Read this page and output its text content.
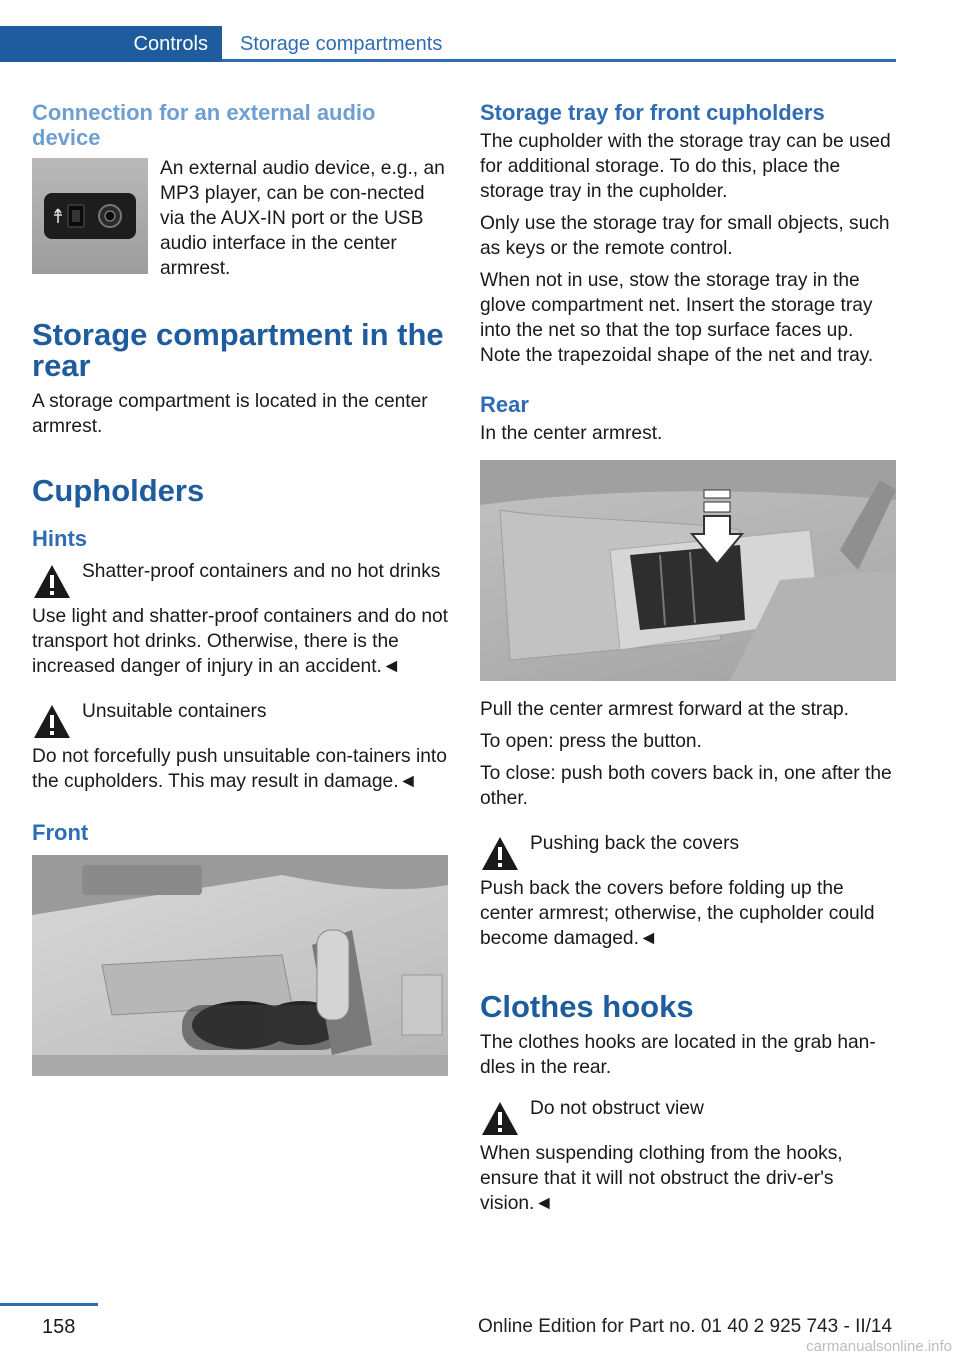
Controls	Storage compartments
Connection for an external audio device
An external audio device, e.g., an MP3 player, can be con‐nected via the AUX-IN port or the USB audio interface in the center armrest.
Storage compartment in the rear
A storage compartment is located in the center armrest.
Cupholders
Hints
Shatter-proof containers and no hot drinks
Use light and shatter-proof containers and do not transport hot drinks. Otherwise, there is the increased danger of injury in an accident.◄
Unsuitable containers
Do not forcefully push unsuitable con‐tainers into the cupholders. This may result in damage.◄
Front
Storage tray for front cupholders
The cupholder with the storage tray can be used for additional storage. To do this, place the storage tray in the cupholder.
Only use the storage tray for small objects, such as keys or the remote control.
When not in use, stow the storage tray in the glove compartment net. Insert the storage tray into the net so that the top surface faces up. Note the trapezoidal shape of the net and tray.
Rear
In the center armrest.
Pull the center armrest forward at the strap.
To open: press the button.
To close: push both covers back in, one after the other.
Pushing back the covers
Push back the covers before folding up the center armrest; otherwise, the cupholder could become damaged.◄
Clothes hooks
The clothes hooks are located in the grab han‐dles in the rear.
Do not obstruct view
When suspending clothing from the hooks, ensure that it will not obstruct the driv‐er's vision.◄
158	Online Edition for Part no. 01 40 2 925 743 - II/14
carmanualsonline.info
